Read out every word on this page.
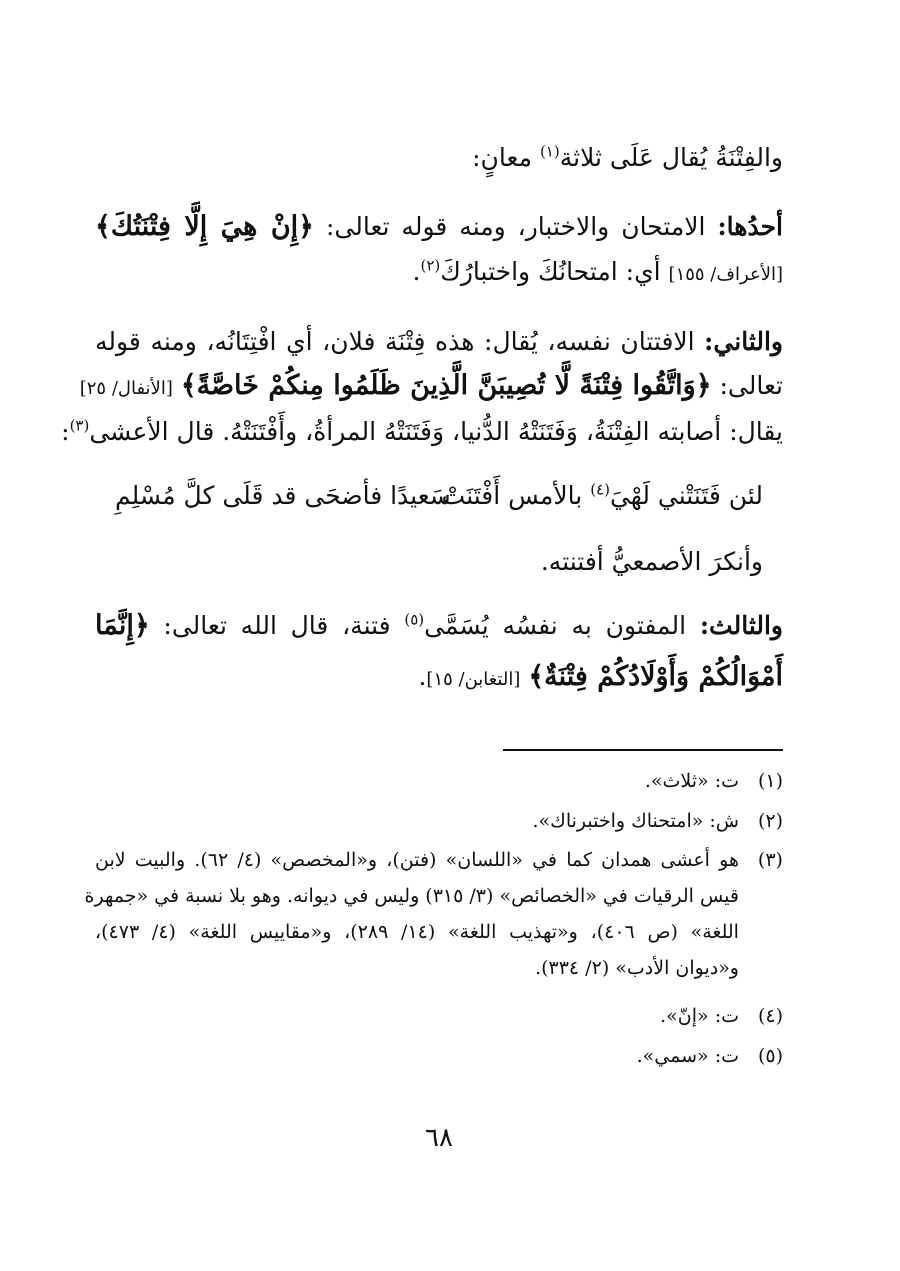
والفِتْنَةُ يُقال عَلَى ثلاثة$^{(١)}$ معانٍ:
أحدُها: الامتحان والاختبار، ومنه قوله تعالى: ﴿إِنْ هِيَ إِلَّا فِتْنَتُكَ﴾
[الأعراف/ ١٥٥] أي: امتحانُكَ واختبارُكَ$^{(٢)}$.
والثاني: الافتتان نفسه، يُقال: هذه فِتْنَة فلان، أي افْتِتَانُه، ومنه قوله
تعالى: ﴿وَاتَّقُوا فِتْنَةً لَّا تُصِيبَنَّ الَّذِينَ ظَلَمُوا مِنكُمْ خَاصَّةً﴾ [الأنفال/ ٢٥]
يقال: أصابته الفِتْنَةُ، وَفَتَنَتْهُ الدُّنيا، وَفَتَنَتْهُ المرأةُ، وأَفْتَنَتْهُ. قال الأعشى$^{(٣)}$:
لئن فَتَنَتْني لَهْيَ$^{(٤)}$ بالأمس أَفْتَنَتْ
سَعيدًا فأضحَى قد قَلَى كلَّ مُسْلِمِ
وأنكرَ الأصمعيُّ أفتنته.
والثالث: المفتون به نفسُه يُسَمَّى$^{(٥)}$ فتنة، قال الله تعالى: ﴿إِنَّمَا
أَمْوَالُكُمْ وَأَوْلَادُكُمْ فِتْنَةٌ﴾ [التغابن/ ١٥].
(١)ت: «ثلاث».
(٢)ش: «امتحناك واختبرناك».
(٣)هو أعشى همدان كما في «اللسان» (فتن)، و«المخصص» (٤/ ٦٢). والبيت لابن
قيس الرقيات في «الخصائص» (٣/ ٣١٥) وليس في ديوانه. وهو بلا نسبة في «جمهرة
اللغة» (ص ٤٠٦)، و«تهذيب اللغة» (١٤/ ٢٨٩)، و«مقاييس اللغة» (٤/ ٤٧٣)،
و«ديوان الأدب» (٢/ ٣٣٤).
(٤)ت: «إنّ».
(٥)ت: «سمي».
٦٨
